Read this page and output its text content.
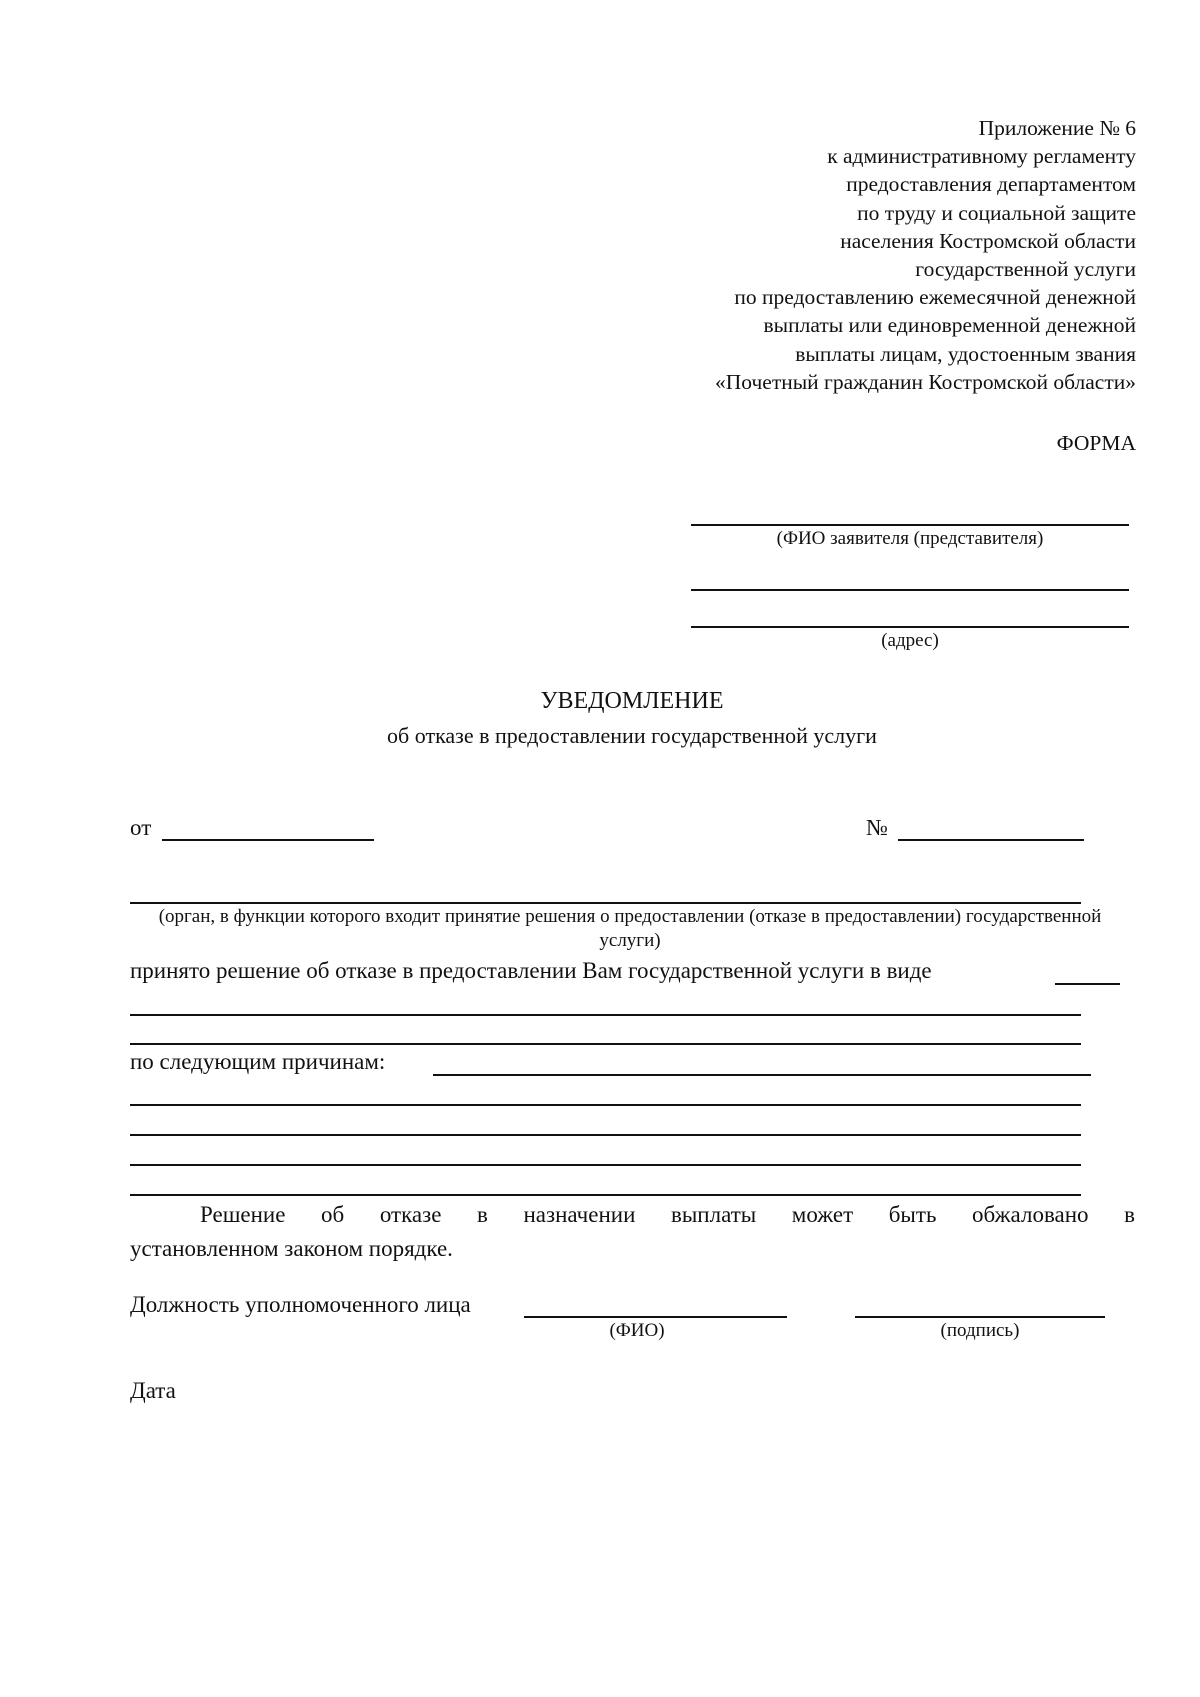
Приложение № 6
к административному регламенту
предоставления департаментом
по труду и социальной защите
населения Костромской области
государственной услуги
по предоставлению ежемесячной денежной
выплаты или единовременной денежной
выплаты лицам, удостоенным звания
«Почетный гражданин Костромской области»
ФОРМА
(ФИО заявителя (представителя)
(адрес)
УВЕДОМЛЕНИЕ
об отказе в предоставлении государственной услуги
от	№
(орган, в функции которого входит принятие решения о предоставлении (отказе в предоставлении) государственной услуги)
принято решение об отказе в предоставлении Вам государственной услуги в виде
по следующим причинам:
Решение об отказе в назначении выплаты может быть обжаловано в
установленном законом порядке.
Должность уполномоченного лица
(ФИО)	(подпись)
Дата
